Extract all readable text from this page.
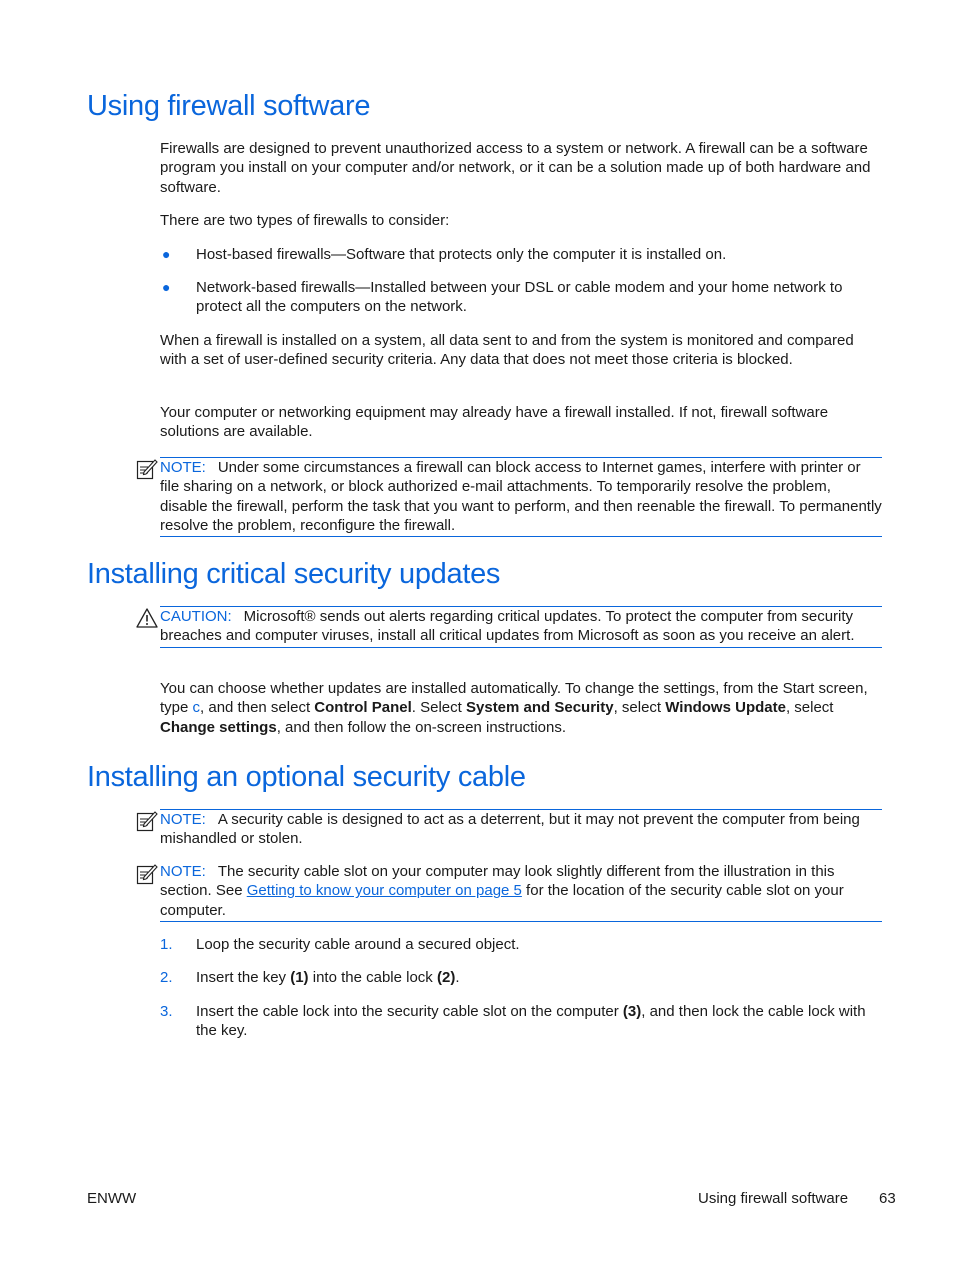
Using firewall software

Firewalls are designed to prevent unauthorized access to a system or network. A firewall can be a software program you install on your computer and/or network, or it can be a solution made up of both hardware and software.

There are two types of firewalls to consider:

● Host-based firewalls—Software that protects only the computer it is installed on.
● Network-based firewalls—Installed between your DSL or cable modem and your home network to protect all the computers on the network.

When a firewall is installed on a system, all data sent to and from the system is monitored and compared with a set of user-defined security criteria. Any data that does not meet those criteria is blocked.

Your computer or networking equipment may already have a firewall installed. If not, firewall software solutions are available.

NOTE: Under some circumstances a firewall can block access to Internet games, interfere with printer or file sharing on a network, or block authorized e-mail attachments. To temporarily resolve the problem, disable the firewall, perform the task that you want to perform, and then reenable the firewall. To permanently resolve the problem, reconfigure the firewall.
Installing critical security updates
CAUTION: Microsoft® sends out alerts regarding critical updates. To protect the computer from security breaches and computer viruses, install all critical updates from Microsoft as soon as you receive an alert.

You can choose whether updates are installed automatically. To change the settings, from the Start screen, type c, and then select Control Panel. Select System and Security, select Windows Update, select Change settings, and then follow the on-screen instructions.

Installing an optional security cable
NOTE: A security cable is designed to act as a deterrent, but it may not prevent the computer from being mishandled or stolen.
NOTE: The security cable slot on your computer may look slightly different from the illustration in this section. See Getting to know your computer on page 5 for the location of the security cable slot on your computer.
1. Loop the security cable around a secured object.
2. Insert the key (1) into the cable lock (2).
3. Insert the cable lock into the security cable slot on the computer (3), and then lock the cable lock with the key.
ENWW	Using firewall software 63
